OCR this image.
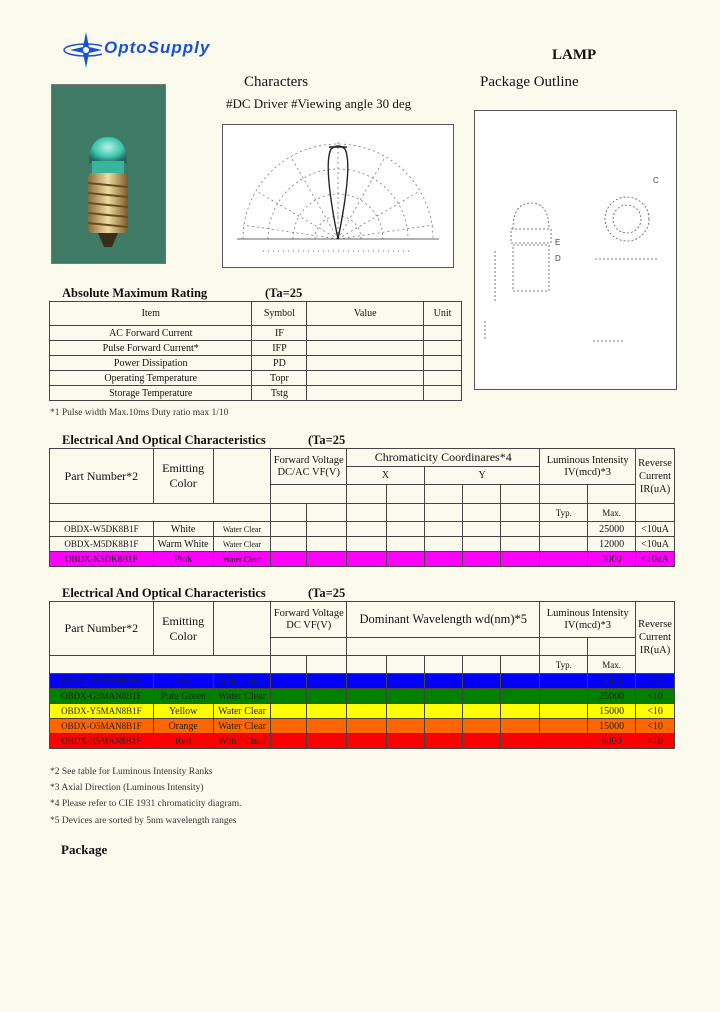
OptoSupply	LAMP
Characters	Package Outline
#DC Driver #Viewing angle 30 deg
E
D
C
Absolute Maximum Rating	(Ta=25
Item	Symbol	Value	Unit
AC Forward Current	IF		
Pulse Forward Current*	IFP		
Power Dissipation	PD		
Operating Temperature	Topr		
Storage Temperature	Tstg		
*1 Pulse width Max.10ms Duty ratio max 1/10
Electrical And Optical Characteristics	(Ta=25
Part Number*2	Emitting Color		Forward Voltage DC/AC VF(V)		Chromaticity Coordinares*4					Luminous Intensity IV(mcd)*3		Reverse Current IR(uA)
					X		Y					

										Typ.	Max.	
OBDX-W5DK8B1F	White	Water Clear									25000	<10uA
OBDX-M5DK8B1F	Warm White	Water Clear									12000	<10uA
OBDX-K5DK8B1F	Pink	Water Clear									3000	<10uA
Electrical And Optical Characteristics	(Ta=25
Part Number*2	Emitting Color		Forward Voltage DC VF(V)		Dominant Wavelength wd(nm)*5					Luminous Intensity IV(mcd)*3		Reverse Current IR(uA)

										Typ.	Max.	
OBDX-B5MAN8B1F	Blue	Water Clear									5000	<10
OBDX-G5MAN8B1F	Pure Green	Water Clear									25000	<10
OBDX-Y5MAN8B1F	Yellow	Water Clear									15000	<10
OBDX-O5MAN8B1F	Orange	Water Clear									15000	<10
OBDX-R5MAN8B1F	Red	Water Clear									5000	<10
*2 See table for Luminous Intensity Ranks
*3 Axial Direction (Luminous Intensity)
*4 Please refer to CIE 1931 chromaticity diagram.
*5 Devices are sorted by 5nm wavelength ranges
Package
